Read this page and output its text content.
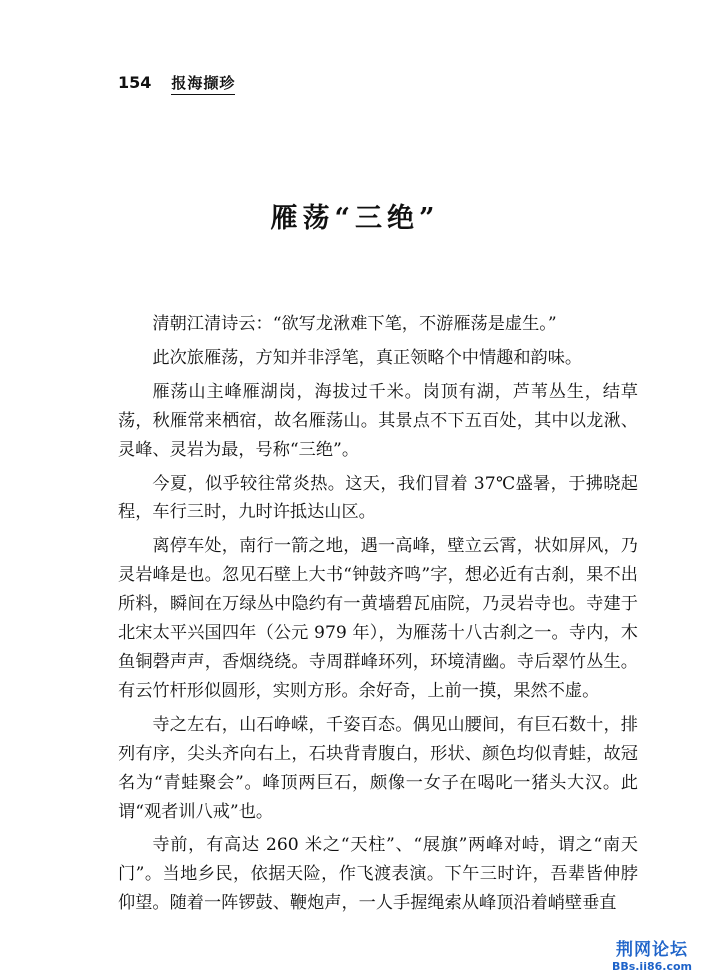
154 报海撷珍
雁荡“三绝”

清朝江清诗云：“欲写龙湫难下笔，不游雁荡是虚生。”

此次旅雁荡，方知并非浮笔，真正领略个中情趣和韵味。

雁荡山主峰雁湖岗，海拔过千米。岗顶有湖，芦苇丛生，结草荡，秋雁常来栖宿，故名雁荡山。其景点不下五百处，其中以龙湫、灵峰、灵岩为最，号称“三绝”。

今夏，似乎较往常炎热。这天，我们冒着 37℃盛暑，于拂晓起程，车行三时，九时许抵达山区。

离停车处，南行一箭之地，遇一高峰，壁立云霄，状如屏风，乃灵岩峰是也。忽见石壁上大书“钟鼓齐鸣”字，想必近有古刹，果不出所料，瞬间在万绿丛中隐约有一黄墙碧瓦庙院，乃灵岩寺也。寺建于北宋太平兴国四年（公元 979 年），为雁荡十八古刹之一。寺内，木鱼铜磬声声，香烟绕绕。寺周群峰环列，环境清幽。寺后翠竹丛生。有云竹杆形似圆形，实则方形。余好奇，上前一摸，果然不虚。

寺之左右，山石峥嵘，千姿百态。偶见山腰间，有巨石数十，排列有序，尖头齐向右上，石块背青腹白，形状、颜色均似青蛙，故冠名为“青蛙聚会”。峰顶两巨石，颇像一女子在喝叱一猪头大汉。此谓“观者训八戒”也。

寺前，有高达 260 米之“天柱”、“展旗”两峰对峙，谓之“南天门”。当地乡民，依据天险，作飞渡表演。下午三时许，吾辈皆伸脖仰望。随着一阵锣鼓、鞭炮声，一人手握绳索从峰顶沿着峭壁垂直

荆网论坛
BBs.ii86.com
